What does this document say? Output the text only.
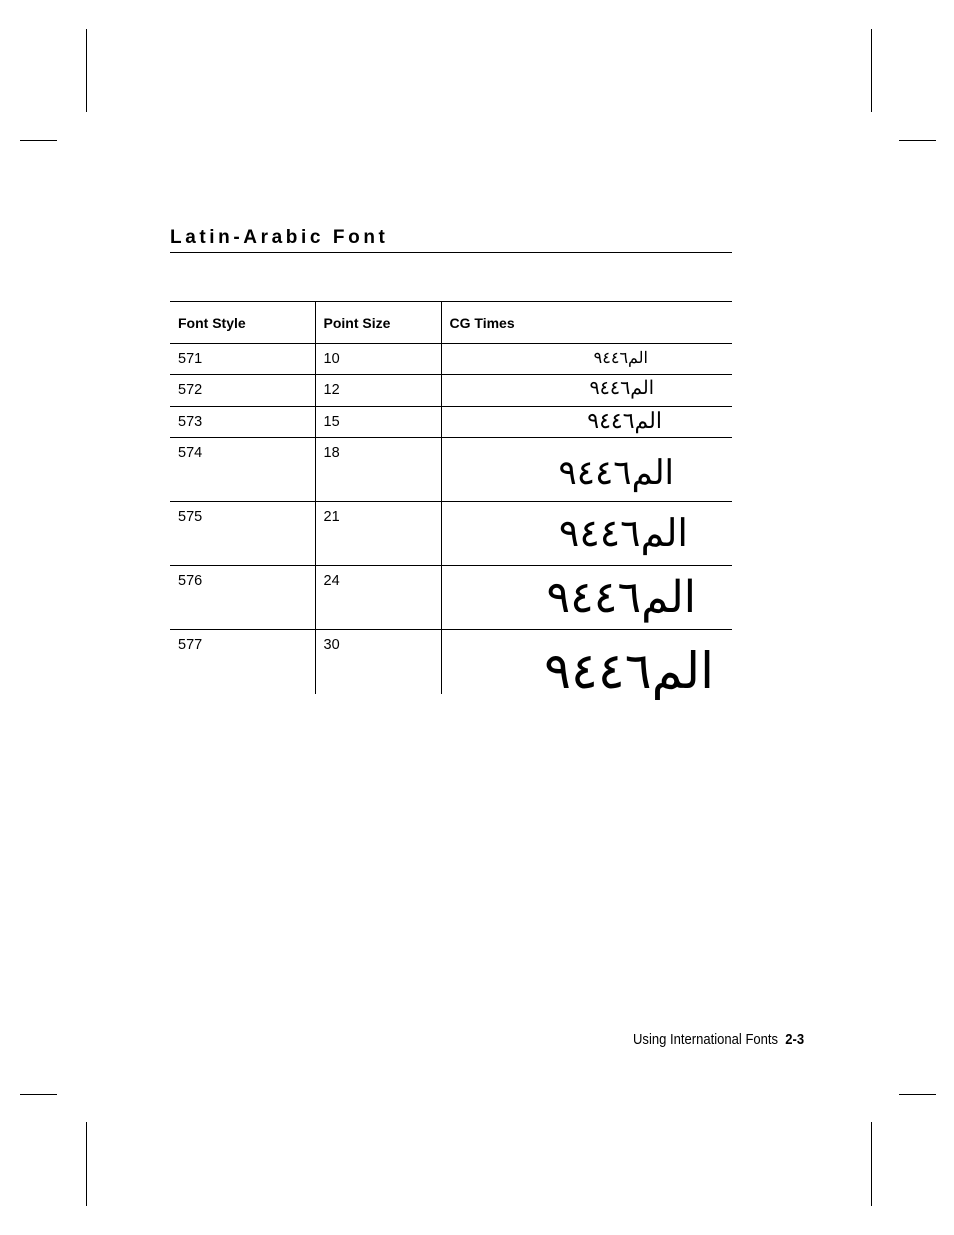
Latin-Arabic Font
Font Style	Point Size	CG Times
571	10	الم٦٤٤٩

572	12	الم٦٤٤٩

573	15	الم٦٤٤٩

574	18	الم٦٤٤٩

575	21	الم٦٤٤٩

576	24	الم٦٤٤٩

577	30	الم٦٤٤٩
Using International Fonts 2-3
